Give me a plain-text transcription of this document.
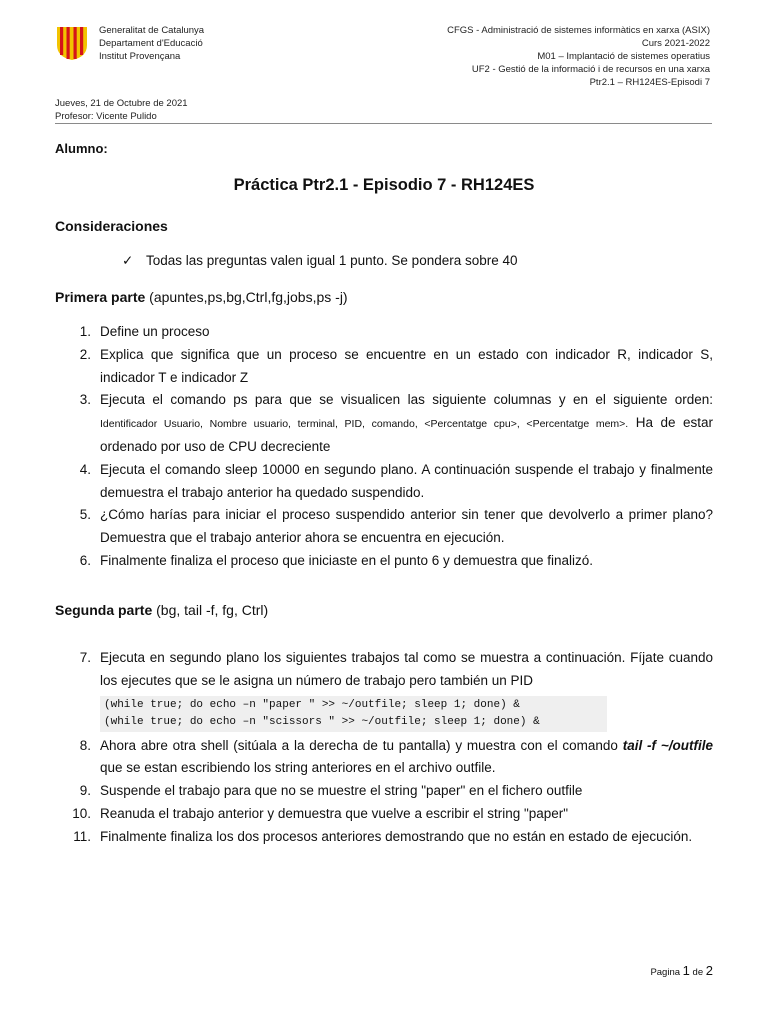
Generalitat de Catalunya
Departament d'Educació
Institut Provençana
CFGS - Administració de sistemes informàtics en xarxa (ASIX)
Curs 2021-2022
M01 – Implantació de sistemes operatius
UF2 - Gestió de la informació i de recursos en una xarxa
Ptr2.1 – RH124ES-Episodi 7
Jueves, 21 de Octubre de 2021
Profesor: Vicente Pulido
Alumno:
Práctica Ptr2.1 - Episodio 7 - RH124ES
Consideraciones
✓ Todas las preguntas valen igual 1 punto. Se pondera sobre 40
Primera parte (apuntes,ps,bg,Ctrl,fg,jobs,ps -j)
1. Define un proceso
2. Explica que significa que un proceso se encuentre en un estado con indicador R, indicador S, indicador T e indicador Z
3. Ejecuta el comando ps para que se visualicen las siguiente columnas y en el siguiente orden: Identificador Usuario, Nombre usuario, terminal, PID, comando, <Percentatge cpu>, <Percentatge mem>. Ha de estar ordenado por uso de CPU decreciente
4. Ejecuta el comando sleep 10000 en segundo plano. A continuación suspende el trabajo y finalmente demuestra el trabajo anterior ha quedado suspendido.
5. ¿Cómo harías para iniciar el proceso suspendido anterior sin tener que devolverlo a primer plano? Demuestra que el trabajo anterior ahora se encuentra en ejecución.
6. Finalmente finaliza el proceso que iniciaste en el punto 6 y demuestra que finalizó.
Segunda parte (bg, tail -f, fg, Ctrl)
7. Ejecuta en segundo plano los siguientes trabajos tal como se muestra a continuación. Fíjate cuando los ejecutes que se le asigna un número de trabajo pero también un PID
(while true; do echo –n "paper " >> ~/outfile; sleep 1; done) &
(while true; do echo –n "scissors " >> ~/outfile; sleep 1; done) &
8. Ahora abre otra shell (sitúala a la derecha de tu pantalla) y muestra con el comando tail -f ~/outfile que se estan escribiendo los string anteriores en el archivo outfile.
9. Suspende el trabajo para que no se muestre el string "paper" en el fichero outfile
10. Reanuda el trabajo anterior y demuestra que vuelve a escribir el string "paper"
11. Finalmente finaliza los dos procesos anteriores demostrando que no están en estado de ejecución.
Pagina 1 de 2
